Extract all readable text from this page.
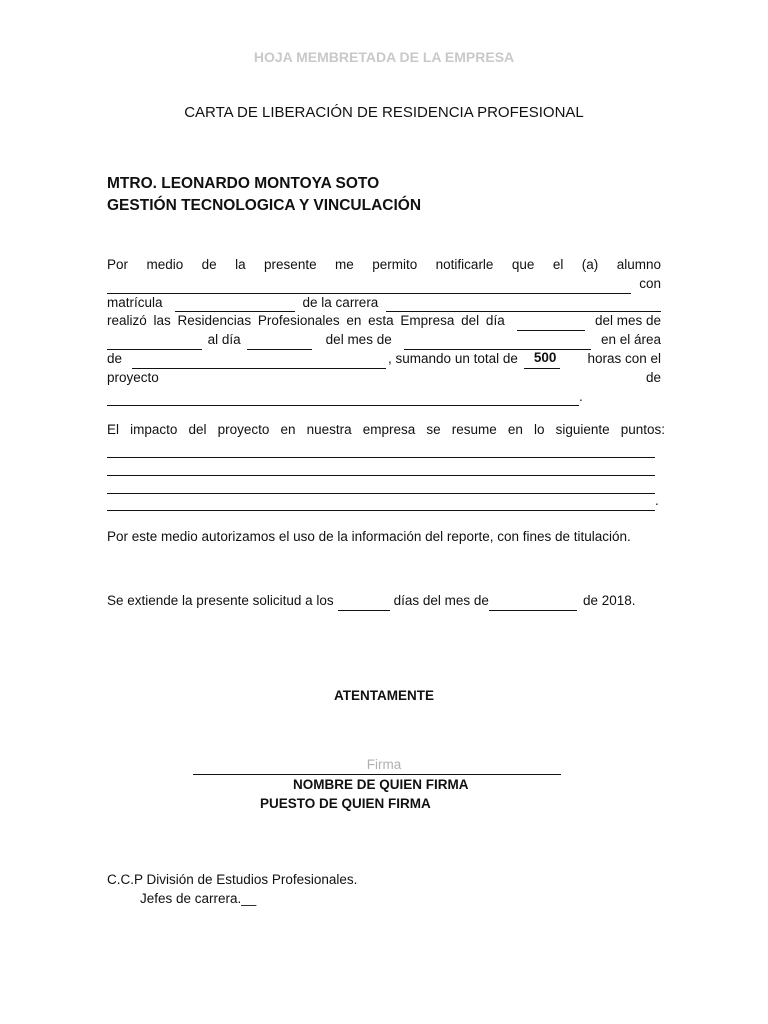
HOJA MEMBRETADA DE LA EMPRESA
CARTA DE LIBERACIÓN DE RESIDENCIA PROFESIONAL
MTRO. LEONARDO MONTOYA SOTO
GESTIÓN TECNOLOGICA Y VINCULACIÓN
Por medio de la presente me permito notificarle que el (a) alumno
con
matrícula	de la carrera
realizó las Residencias Profesionales en esta Empresa del día	del mes de
al día	del mes de	en el área
de	, sumando un total de	500	horas con el
proyecto	de
.
El impacto del proyecto en nuestra empresa se resume en lo siguiente puntos:
.
Por este medio autorizamos el uso de la información del reporte, con fines de titulación.
Se extiende la presente solicitud a los	días del mes de	de 2018.
ATENTAMENTE
Firma
NOMBRE DE QUIEN FIRMA
PUESTO DE QUIEN FIRMA
C.C.P División de Estudios Profesionales.
Jefes de carrera.__
